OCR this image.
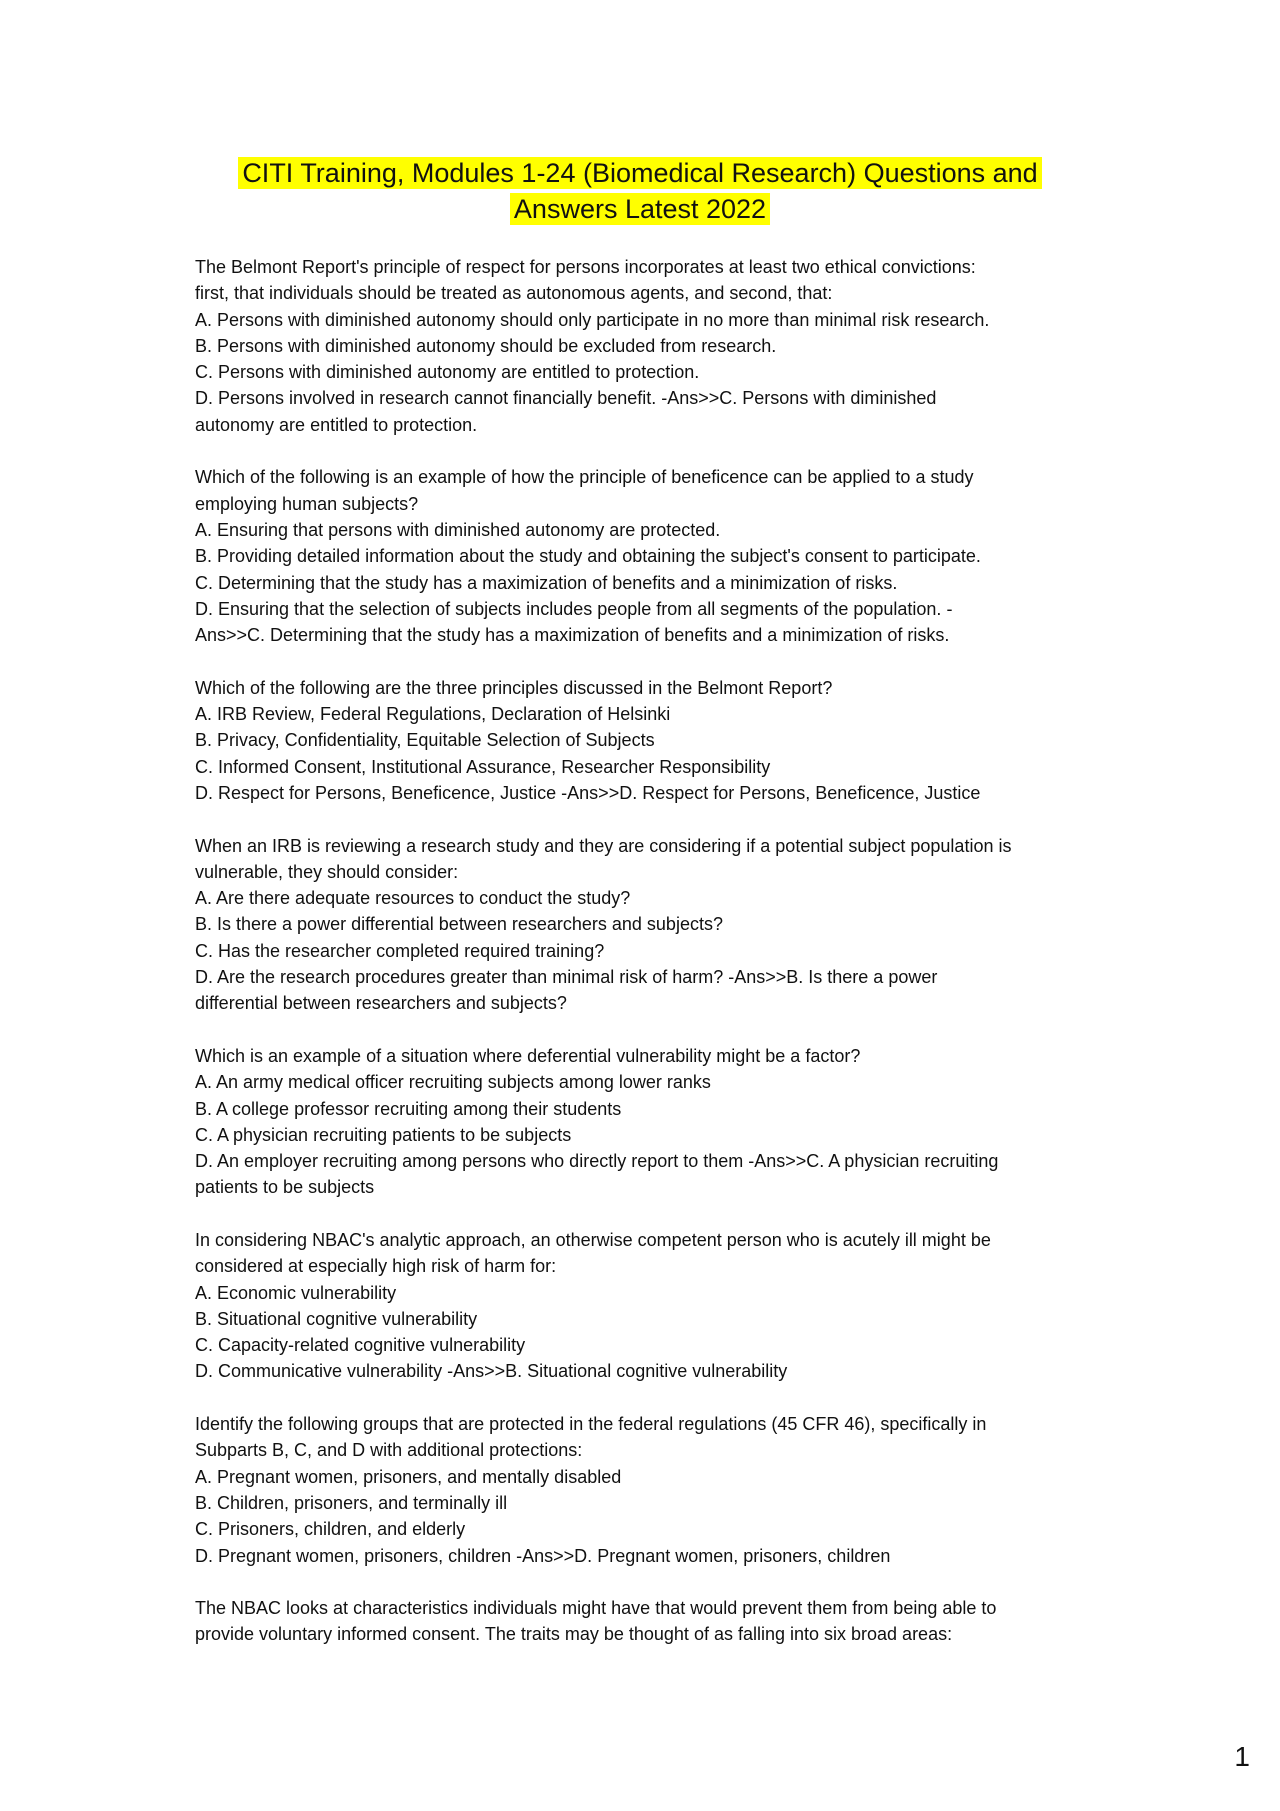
CITI Training, Modules 1-24 (Biomedical Research) Questions and
Answers Latest 2022
The Belmont Report's principle of respect for persons incorporates at least two ethical convictions:
first, that individuals should be treated as autonomous agents, and second, that:
A. Persons with diminished autonomy should only participate in no more than minimal risk research.
B. Persons with diminished autonomy should be excluded from research.
C. Persons with diminished autonomy are entitled to protection.
D. Persons involved in research cannot financially benefit. -Ans>>C. Persons with diminished
autonomy are entitled to protection.
Which of the following is an example of how the principle of beneficence can be applied to a study
employing human subjects?
A. Ensuring that persons with diminished autonomy are protected.
B. Providing detailed information about the study and obtaining the subject's consent to participate.
C. Determining that the study has a maximization of benefits and a minimization of risks.
D. Ensuring that the selection of subjects includes people from all segments of the population. -
Ans>>C. Determining that the study has a maximization of benefits and a minimization of risks.
Which of the following are the three principles discussed in the Belmont Report?
A. IRB Review, Federal Regulations, Declaration of Helsinki
B. Privacy, Confidentiality, Equitable Selection of Subjects
C. Informed Consent, Institutional Assurance, Researcher Responsibility
D. Respect for Persons, Beneficence, Justice -Ans>>D. Respect for Persons, Beneficence, Justice
When an IRB is reviewing a research study and they are considering if a potential subject population is
vulnerable, they should consider:
A. Are there adequate resources to conduct the study?
B. Is there a power differential between researchers and subjects?
C. Has the researcher completed required training?
D. Are the research procedures greater than minimal risk of harm? -Ans>>B. Is there a power
differential between researchers and subjects?
Which is an example of a situation where deferential vulnerability might be a factor?
A. An army medical officer recruiting subjects among lower ranks
B. A college professor recruiting among their students
C. A physician recruiting patients to be subjects
D. An employer recruiting among persons who directly report to them -Ans>>C. A physician recruiting
patients to be subjects
In considering NBAC's analytic approach, an otherwise competent person who is acutely ill might be
considered at especially high risk of harm for:
A. Economic vulnerability
B. Situational cognitive vulnerability
C. Capacity-related cognitive vulnerability
D. Communicative vulnerability -Ans>>B. Situational cognitive vulnerability
Identify the following groups that are protected in the federal regulations (45 CFR 46), specifically in
Subparts B, C, and D with additional protections:
A. Pregnant women, prisoners, and mentally disabled
B. Children, prisoners, and terminally ill
C. Prisoners, children, and elderly
D. Pregnant women, prisoners, children -Ans>>D. Pregnant women, prisoners, children
The NBAC looks at characteristics individuals might have that would prevent them from being able to
provide voluntary informed consent. The traits may be thought of as falling into six broad areas:
1
